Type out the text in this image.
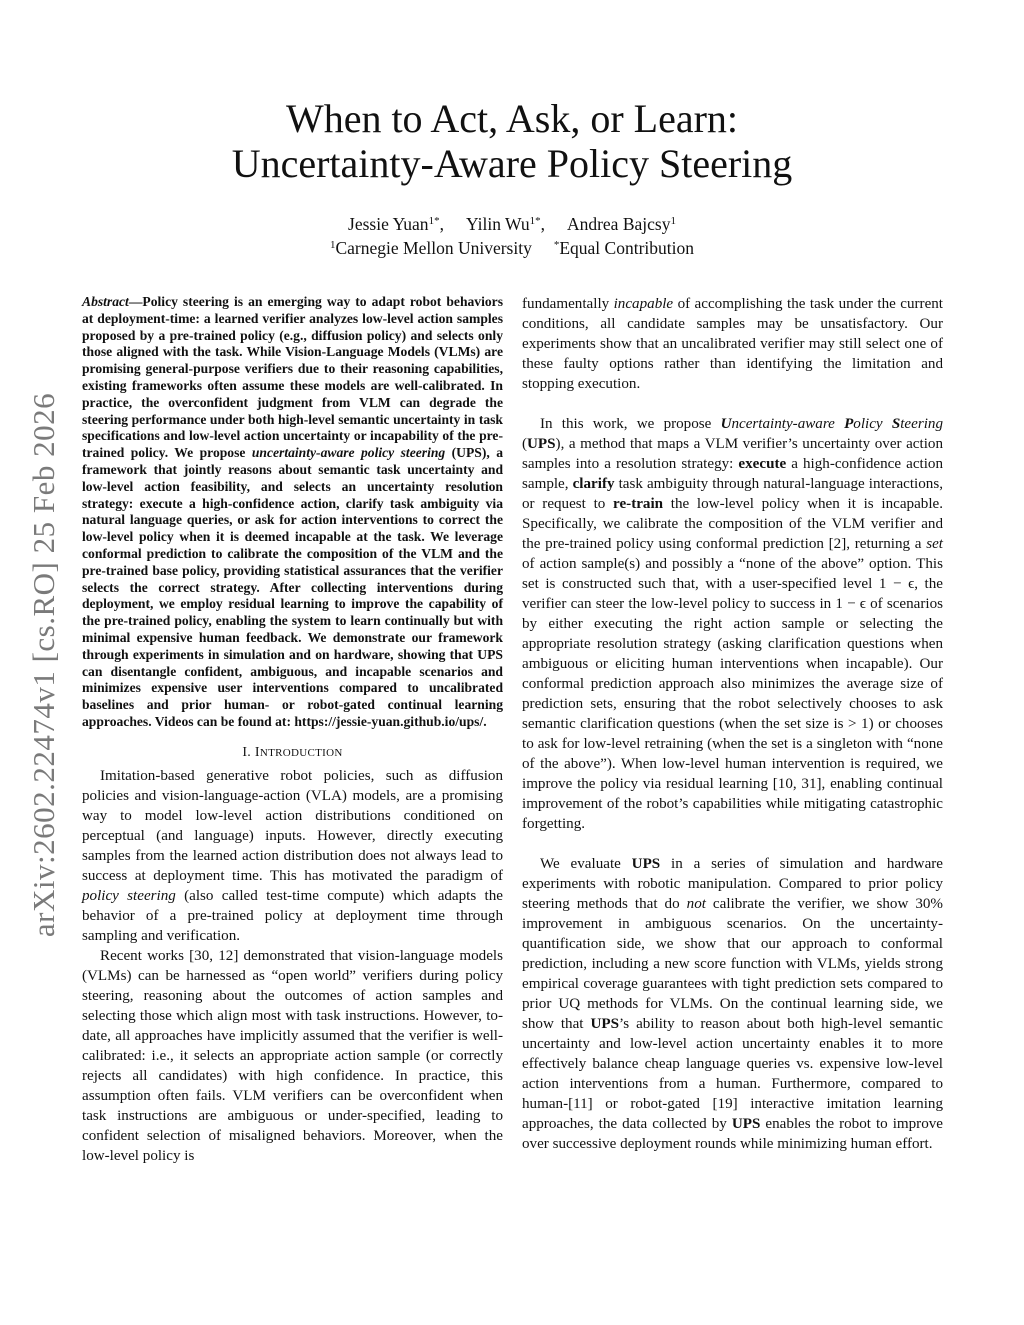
arXiv:2602.22474v1 [cs.RO] 25 Feb 2026
When to Act, Ask, or Learn:
Uncertainty-Aware Policy Steering
Jessie Yuan$^{1*}$, Yilin $Wu^{1*}$, Andrea Bajcsy$^1$
$^1$Carnegie Mellon University *Equal Contribution

Abstract—Policy steering is an emerging way to adapt robot behaviors at deployment-time: a learned verifier analyzes low-level action samples proposed by a pre-trained policy (e.g., diffusion policy) and selects only those aligned with the task. While Vision-Language Models (VLMs) are promising general-purpose verifiers due to their reasoning capabilities, existing frameworks often assume these models are well-calibrated. In practice, the overconfident judgment from VLM can degrade the steering performance under both high-level semantic uncertainty in task specifications and low-level action uncertainty or incapability of the pre-trained policy. We propose uncertainty-aware policy steering (UPS), a framework that jointly reasons about semantic task uncertainty and low-level action feasibility, and selects an uncertainty resolution strategy: execute a high-confidence action, clarify task ambiguity via natural language queries, or ask for action interventions to correct the low-level policy when it is deemed incapable at the task. We leverage conformal prediction to calibrate the composition of the VLM and the pre-trained base policy, providing statistical assurances that the verifier selects the correct strategy. After collecting interventions during deployment, we employ residual learning to improve the capability of the pre-trained policy, enabling the system to learn continually but with minimal expensive human feedback. We demonstrate our framework through experiments in simulation and on hardware, showing that UPS can disentangle confident, ambiguous, and incapable scenarios and minimizes expensive user interventions compared to uncalibrated baselines and prior human- or robot-gated continual learning approaches. Videos can be found at: https://jessie-yuan.github.io/ups/.

I. INTRODUCTION

Imitation-based generative robot policies, such as diffusion policies and vision-language-action (VLA) models, are a promising way to model low-level action distributions conditioned on perceptual (and language) inputs. However, directly executing samples from the learned action distribution does not always lead to success at deployment time. This has motivated the paradigm of policy steering (also called test-time compute) which adapts the behavior of a pre-trained policy at deployment time through sampling and verification.

Recent works [30, 12] demonstrated that vision-language models (VLMs) can be harnessed as “open world” verifiers during policy steering, reasoning about the outcomes of action samples and selecting those which align most with task instructions. However, to-date, all approaches have implicitly assumed that the verifier is well-calibrated: i.e., it selects an appropriate action sample (or correctly rejects all candidates) with high confidence. In practice, this assumption often fails. VLM verifiers can be overconfident when task instructions are ambiguous or under-specified, leading to confident selection of misaligned behaviors. Moreover, when the low-level policy is

fundamentally incapable of accomplishing the task under the current conditions, all candidate samples may be unsatisfactory. Our experiments show that an uncalibrated verifier may still select one of these faulty options rather than identifying the limitation and stopping execution.

In this work, we propose Uncertainty-aware Policy Steering (UPS), a method that maps a VLM verifier’s uncertainty over action samples into a resolution strategy: execute a high-confidence action sample, clarify task ambiguity through natural-language interactions, or request to re-train the low-level policy when it is incapable. Specifically, we calibrate the composition of the VLM verifier and the pre-trained policy using conformal prediction [2], returning a set of action sample(s) and possibly a “none of the above” option. This set is constructed such that, with a user-specified level 1 − ϵ, the verifier can steer the low-level policy to success in 1 − ϵ of scenarios by either executing the right action sample or selecting the appropriate resolution strategy (asking clarification questions when ambiguous or eliciting human interventions when incapable). Our conformal prediction approach also minimizes the average size of prediction sets, ensuring that the robot selectively chooses to ask semantic clarification questions (when the set size is > 1) or chooses to ask for low-level retraining (when the set is a singleton with “none of the above”). When low-level human intervention is required, we improve the policy via residual learning [10, 31], enabling continual improvement of the robot’s capabilities while mitigating catastrophic forgetting.

We evaluate UPS in a series of simulation and hardware experiments with robotic manipulation. Compared to prior policy steering methods that do not calibrate the verifier, we show 30% improvement in ambiguous scenarios. On the uncertainty-quantification side, we show that our approach to conformal prediction, including a new score function with VLMs, yields strong empirical coverage guarantees with tight prediction sets compared to prior UQ methods for VLMs. On the continual learning side, we show that UPS’s ability to reason about both high-level semantic uncertainty and low-level action uncertainty enables it to more effectively balance cheap language queries vs. expensive low-level action interventions from a human. Furthermore, compared to human-[11] or robot-gated [19] interactive imitation learning approaches, the data collected by UPS enables the robot to improve over successive deployment rounds while minimizing human effort.
